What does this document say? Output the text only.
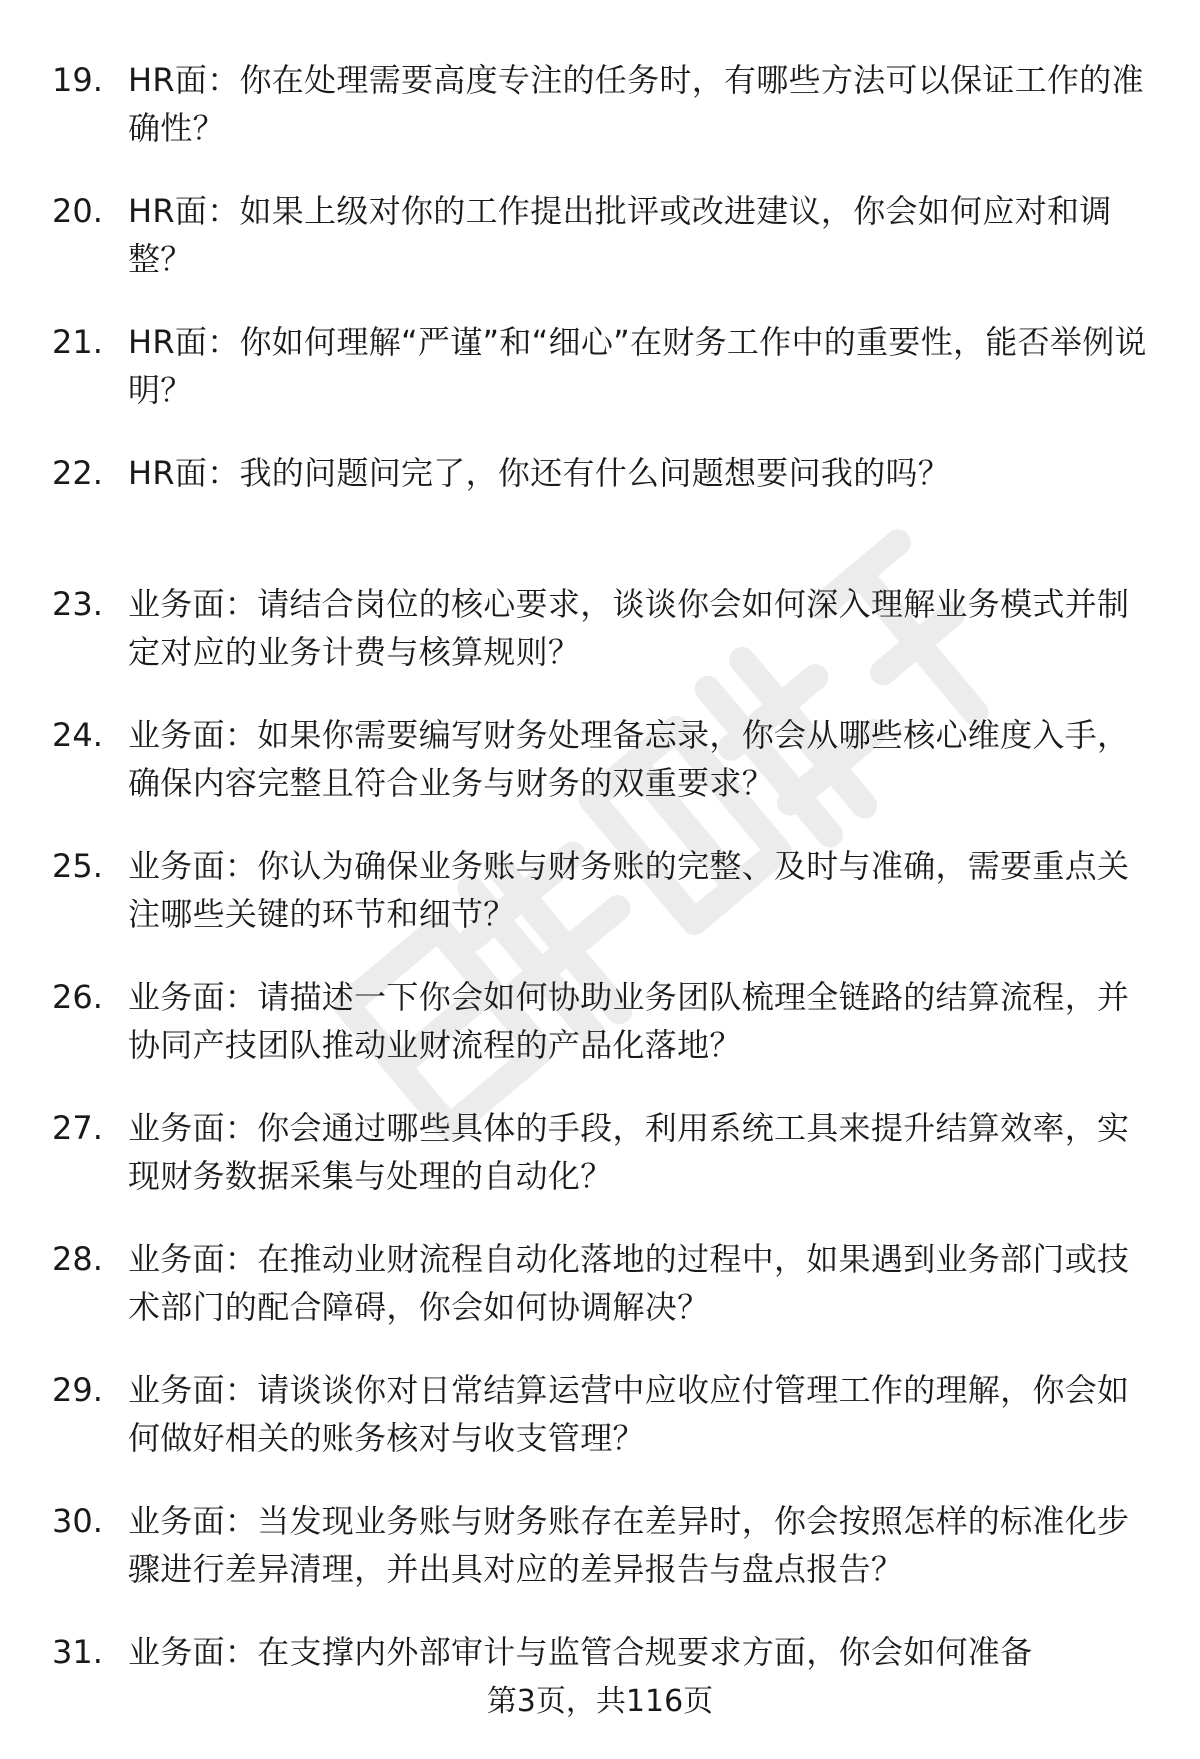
19. HR面：你在处理需要高度专注的任务时，有哪些方法可以保证工作的准确性？
20. HR面：如果上级对你的工作提出批评或改进建议，你会如何应对和调整？
21. HR面：你如何理解“严谨”和“细心”在财务工作中的重要性，能否举例说明？
22. HR面：我的问题问完了，你还有什么问题想要问我的吗？
23. 业务面：请结合岗位的核心要求，谈谈你会如何深入理解业务模式并制定对应的业务计费与核算规则？
24. 业务面：如果你需要编写财务处理备忘录，你会从哪些核心维度入手，确保内容完整且符合业务与财务的双重要求？
25. 业务面：你认为确保业务账与财务账的完整、及时与准确，需要重点关注哪些关键的环节和细节？
26. 业务面：请描述一下你会如何协助业务团队梳理全链路的结算流程，并协同产技团队推动业财流程的产品化落地？
27. 业务面：你会通过哪些具体的手段，利用系统工具来提升结算效率，实现财务数据采集与处理的自动化？
28. 业务面：在推动业财流程自动化落地的过程中，如果遇到业务部门或技术部门的配合障碍，你会如何协调解决？
29. 业务面：请谈谈你对日常结算运营中应收应付管理工作的理解，你会如何做好相关的账务核对与收支管理？
30. 业务面：当发现业务账与财务账存在差异时，你会按照怎样的标准化步骤进行差异清理，并出具对应的差异报告与盘点报告？
31. 业务面：在支撑内外部审计与监管合规要求方面，你会如何准备
第3页，共116页
